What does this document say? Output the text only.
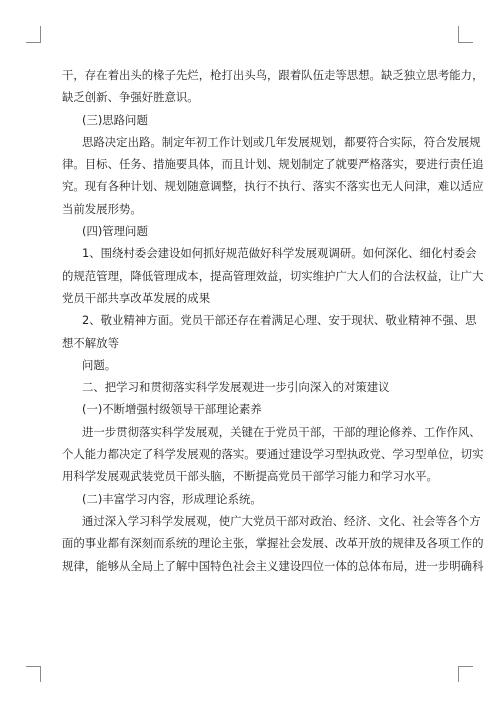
干，存在着出头的椽子先烂，枪打出头鸟，跟着队伍走等思想。缺乏独立思考能力，

缺乏创新、争强好胜意识。

(三)思路问题

思路决定出路。制定年初工作计划或几年发展规划，都要符合实际，符合发展规

律。目标、任务、措施要具体，而且计划、规划制定了就要严格落实，要进行责任追

究。现有各种计划、规划随意调整，执行不执行、落实不落实也无人问津，难以适应

当前发展形势。

(四)管理问题

1、围绕村委会建设如何抓好规范做好科学发展观调研。如何深化、细化村委会

的规范管理，降低管理成本，提高管理效益，切实维护广大人们的合法权益，让广大

党员干部共享改革发展的成果

2、敬业精神方面。党员干部还存在着满足心理、安于现状、敬业精神不强、思

想不解放等

问题。

二、把学习和贯彻落实科学发展观进一步引向深入的对策建议

(一)不断增强村级领导干部理论素养

进一步贯彻落实科学发展观，关键在于党员干部，干部的理论修养、工作作风、

个人能力都决定了科学发展观的落实。要通过建设学习型执政党、学习型单位，切实

用科学发展观武装党员干部头脑，不断提高党员干部学习能力和学习水平。

(二)丰富学习内容，形成理论系统。

通过深入学习科学发展观，使广大党员干部对政治、经济、文化、社会等各个方

面的事业都有深刻而系统的理论主张，掌握社会发展、改革开放的规律及各项工作的

规律，能够从全局上了解中国特色社会主义建设四位一体的总体布局，进一步明确科
